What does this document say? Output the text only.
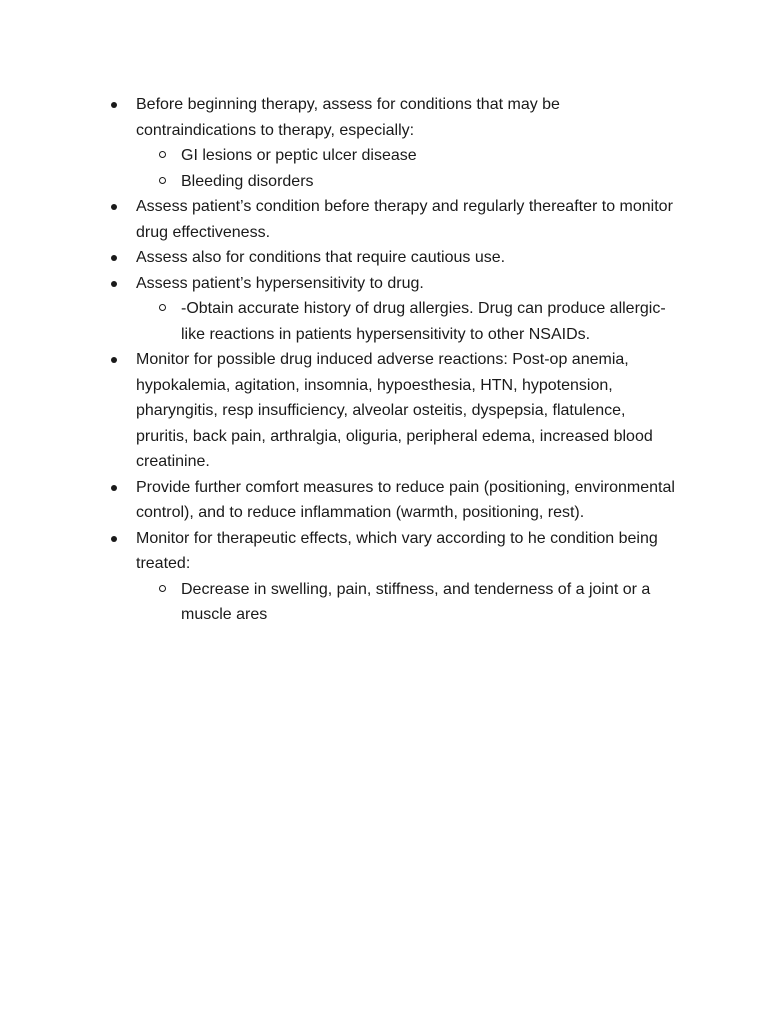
Before beginning therapy, assess for conditions that may be contraindications to therapy, especially:
GI lesions or peptic ulcer disease
Bleeding disorders
Assess patient’s condition before therapy and regularly thereafter to monitor drug effectiveness.
Assess also for conditions that require cautious use.
Assess patient’s hypersensitivity to drug.
-Obtain accurate history of drug allergies. Drug can produce allergic-like reactions in patients hypersensitivity to other NSAIDs.
Monitor for possible drug induced adverse reactions: Post-op anemia, hypokalemia, agitation, insomnia, hypoesthesia, HTN, hypotension, pharyngitis, resp insufficiency, alveolar osteitis, dyspepsia, flatulence, pruritis, back pain, arthralgia, oliguria, peripheral edema, increased blood creatinine.
Provide further comfort measures to reduce pain (positioning, environmental control), and to reduce inflammation (warmth, positioning, rest).
Monitor for therapeutic effects, which vary according to he condition being treated:
Decrease in swelling, pain, stiffness, and tenderness of a joint or a muscle ares
